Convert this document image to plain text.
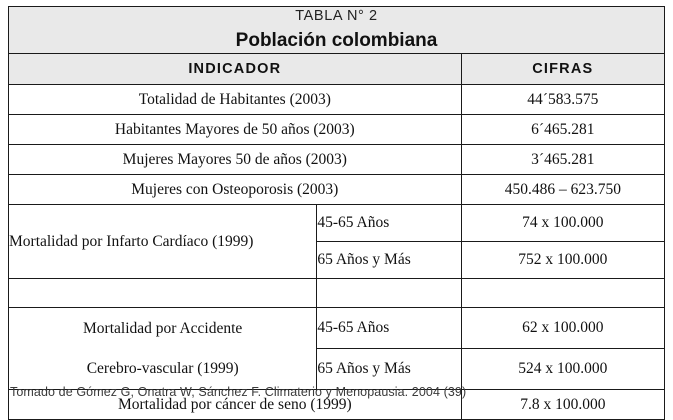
TABLA N° 2
Población colombiana		

INDICADOR		CIFRAS
Totalidad de Habitantes (2003)		44´583.575
Habitantes Mayores de 50 años (2003)		6´465.281
Mujeres Mayores 50 de años (2003)		3´465.281
Mujeres con Osteoporosis (2003)		450.486 – 623.750
Mortalidad por Infarto Cardíaco (1999)	45-65 Años	74 x 100.000
	65 Años y Más	752 x 100.000

Mortalidad por Accidente	45-65 Años	62 x 100.000
Cerebro-vascular (1999)	65 Años y Más	524 x 100.000
Mortalidad por cáncer de seno (1999)		7.8 x 100.000
Tomado de Gómez G, Onatra W, Sánchez F. Climaterio y Menopausia. 2004 (39)
